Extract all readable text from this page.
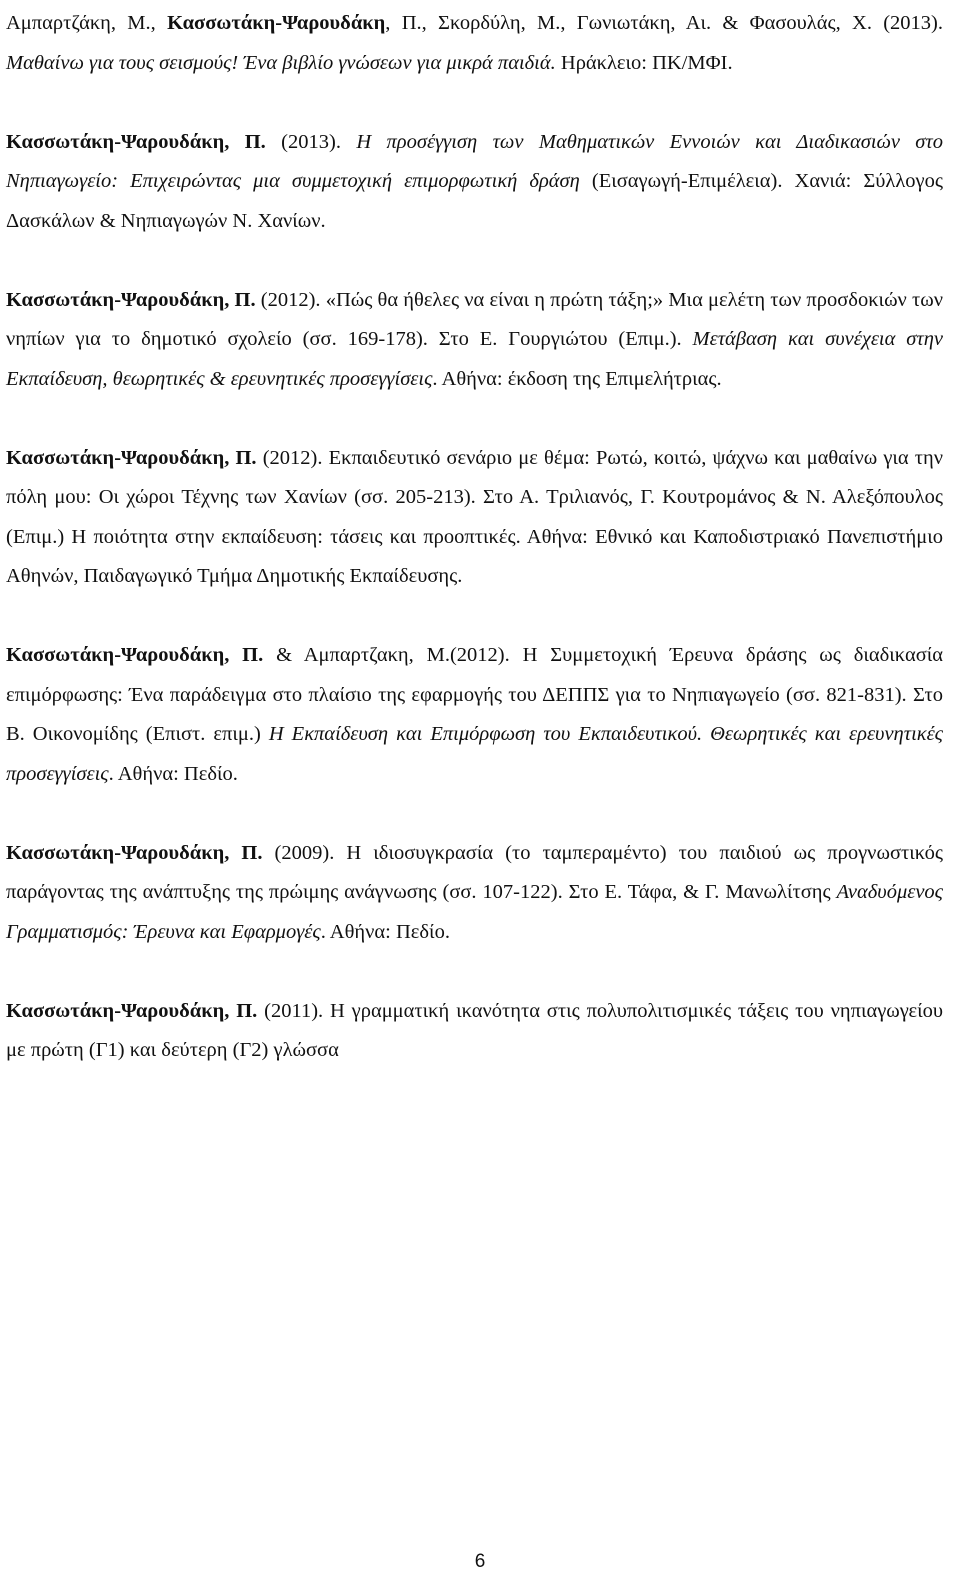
Αμπαρτζάκη, Μ., Κασσωτάκη-Ψαρουδάκη, Π., Σκορδύλη, Μ., Γωνιωτάκη, Αι. & Φασουλάς, Χ. (2013). Μαθαίνω για τους σεισμούς! Ένα βιβλίο γνώσεων για μικρά παιδιά. Ηράκλειο: ΠΚ/ΜΦΙ.

Κασσωτάκη-Ψαρουδάκη, Π. (2013). Η προσέγγιση των Μαθηματικών Εννοιών και Διαδικασιών στο Νηπιαγωγείο: Επιχειρώντας μια συμμετοχική επιμορφωτική δράση (Εισαγωγή-Επιμέλεια). Χανιά: Σύλλογος Δασκάλων & Νηπιαγωγών Ν. Χανίων.

Κασσωτάκη-Ψαρουδάκη, Π. (2012). «Πώς θα ήθελες να είναι η πρώτη τάξη;» Μια μελέτη των προσδοκιών των νηπίων για το δημοτικό σχολείο (σσ. 169-178). Στο Ε. Γουργιώτου (Επιμ.). Μετάβαση και συνέχεια στην Εκπαίδευση, θεωρητικές & ερευνητικές προσεγγίσεις. Αθήνα: έκδοση της Επιμελήτριας.

Κασσωτάκη-Ψαρουδάκη, Π. (2012). Εκπαιδευτικό σενάριο με θέμα: Ρωτώ, κοιτώ, ψάχνω και μαθαίνω για την πόλη μου: Οι χώροι Τέχνης των Χανίων (σσ. 205-213). Στο Α. Τριλιανός, Γ. Κουτρομάνος & Ν. Αλεξόπουλος (Επιμ.) Η ποιότητα στην εκπαίδευση: τάσεις και προοπτικές. Αθήνα: Εθνικό και Καποδιστριακό Πανεπιστήμιο Αθηνών, Παιδαγωγικό Τμήμα Δημοτικής Εκπαίδευσης.

Κασσωτάκη-Ψαρουδάκη, Π. & Αμπαρτζακη, Μ.(2012). Η Συμμετοχική Έρευνα δράσης ως διαδικασία επιμόρφωσης: Ένα παράδειγμα στο πλαίσιο της εφαρμογής του ΔΕΠΠΣ για το Νηπιαγωγείο (σσ. 821-831). Στο Β. Οικονομίδης (Επιστ. επιμ.) Η Εκπαίδευση και Επιμόρφωση του Εκπαιδευτικού. Θεωρητικές και ερευνητικές προσεγγίσεις. Αθήνα: Πεδίο.

Κασσωτάκη-Ψαρουδάκη, Π. (2009). Η ιδιοσυγκρασία (το ταμπεραμέντο) του παιδιού ως προγνωστικός παράγοντας της ανάπτυξης της πρώιμης ανάγνωσης (σσ. 107-122). Στο Ε. Τάφα, & Γ. Μανωλίτσης Αναδυόμενος Γραμματισμός: Έρευνα και Εφαρμογές. Αθήνα: Πεδίο.

Κασσωτάκη-Ψαρουδάκη, Π. (2011). Η γραμματική ικανότητα στις πολυπολιτισμικές τάξεις του νηπιαγωγείου με πρώτη (Γ1) και δεύτερη (Γ2) γλώσσα

6
